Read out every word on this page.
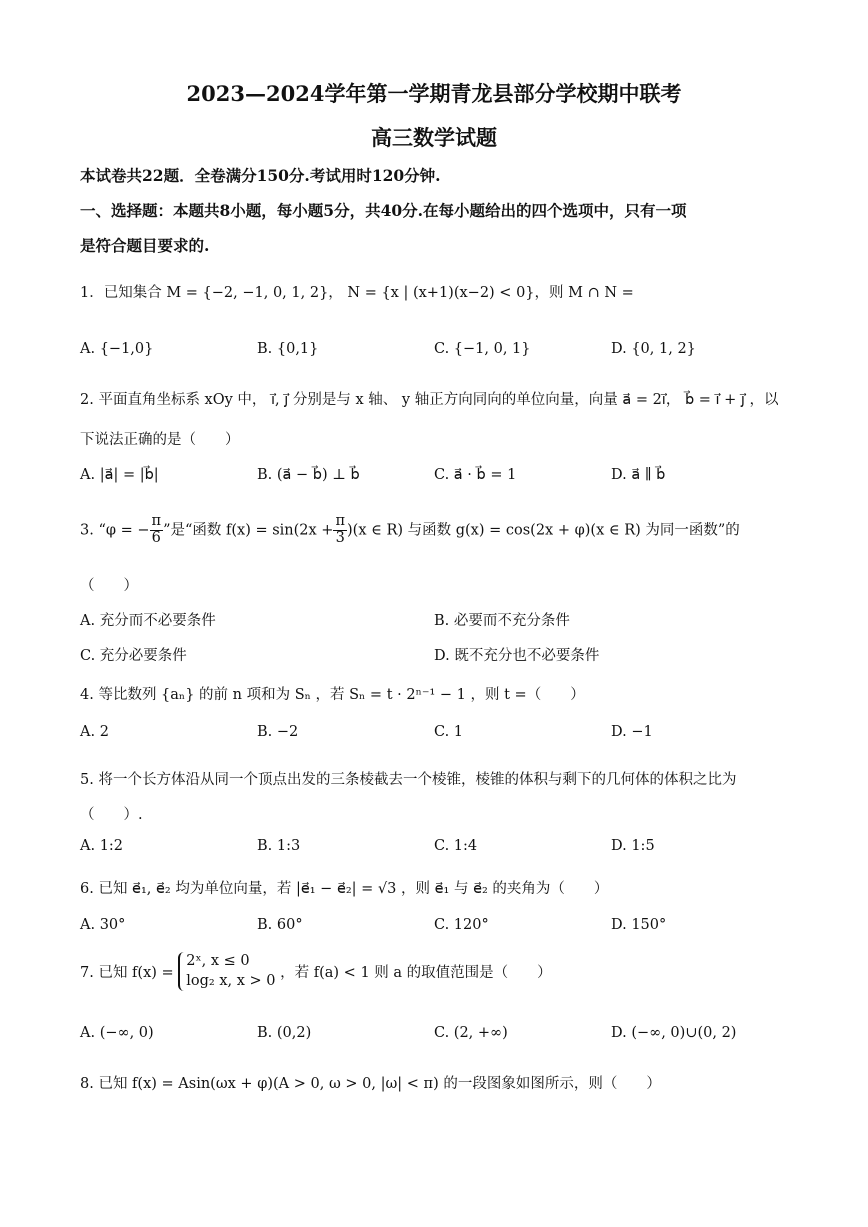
2023—2024学年第一学期青龙县部分学校期中联考
高三数学试题
本试卷共22题．全卷满分150分.考试用时120分钟.
一、选择题：本题共8小题，每小题5分，共40分.在每小题给出的四个选项中，只有一项
是符合题目要求的.
1．已知集合 M = {−2, −1, 0, 1, 2}， N = {x | (x+1)(x−2) < 0}，则 M ∩ N =
A. {−1,0}	B. {0,1}	C. {−1, 0, 1}	D. {0, 1, 2}
2. 平面直角坐标系 xOy 中， i⃗, j⃗ 分别是与 x 轴、 y 轴正方向同向的单位向量，向量 a⃗ = 2i⃗， b⃗ = i⃗ + j⃗ ，以
下说法正确的是（　　）
A. |a⃗| = |b⃗|	B. (a⃗ − b⃗) ⊥ b⃗	C. a⃗ · b⃗ = 1	D. a⃗ ∥ b⃗
3. “φ = − $\frac{\pi}{6}$ ”是“函数 $f(x) = \sin(2x + \frac{\pi}{3} )(x$ ∈ R) 与函数 g(x) = cos(2x + φ)(x ∈ R) 为同一函数”的
（　　）
A. 充分而不必要条件	B. 必要而不充分条件
C. 充分必要条件	D. 既不充分也不必要条件
4. 等比数列 {aₙ} 的前 n 项和为 Sₙ ，若 Sₙ = t · 2ⁿ⁻¹ − 1 ，则 t =（　　）
A. 2	B. −2	C. 1	D. −1
5. 将一个长方体沿从同一个顶点出发的三条棱截去一个棱锥，棱锥的体积与剩下的几何体的体积之比为
（　　）.
A. 1:2	B. 1:3	C. 1:4	D. 1:5
6. 已知 e⃗₁, e⃗₂ 均为单位向量，若 |e⃗₁ − e⃗₂| = √3 ，则 e⃗₁ 与 e⃗₂ 的夹角为（　　）
A. 30°	B. 60°	C. 120°	D. 150°
7. 已知 f(x) =
2ˣ, x ≤ 0
log₂ x, x > 0 ，若 f(a) < 1 则 a 的取值范围是（　　）
A. (−∞, 0)	B. (0,2)	C. (2, +∞)	D. (−∞, 0)∪(0, 2)
8. 已知 f(x) = Asin(ωx + φ)(A > 0, ω > 0, |ω| < π) 的一段图象如图所示，则（　　）
